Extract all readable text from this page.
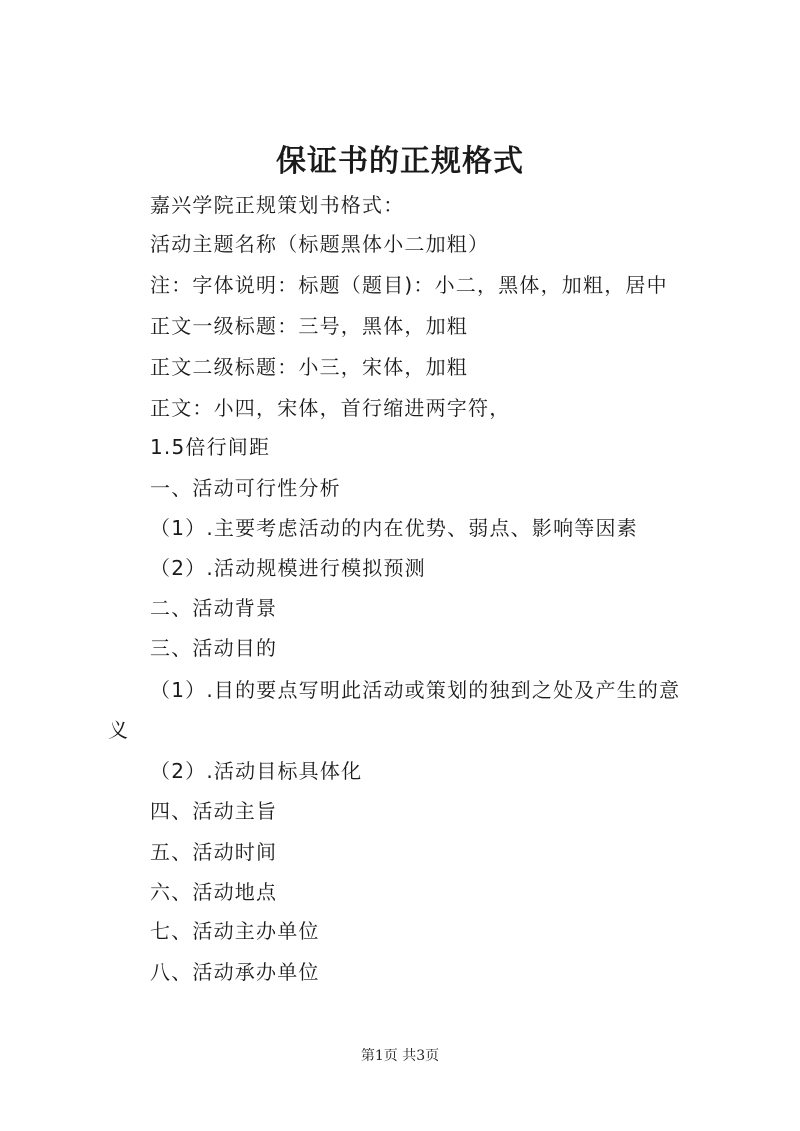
保证书的正规格式
嘉兴学院正规策划书格式：
活动主题名称（标题黑体小二加粗）
注：字体说明：标题（题目)：小二，黑体，加粗，居中
正文一级标题：三号，黑体，加粗
正文二级标题：小三，宋体，加粗
正文：小四，宋体，首行缩进两字符，
1.5倍行间距
一、活动可行性分析
（1）.主要考虑活动的内在优势、弱点、影响等因素
（2）.活动规模进行模拟预测
二、活动背景
三、活动目的
（1）.目的要点写明此活动或策划的独到之处及产生的意
义
（2）.活动目标具体化
四、活动主旨
五、活动时间
六、活动地点
七、活动主办单位
八、活动承办单位
第1页 共3页
